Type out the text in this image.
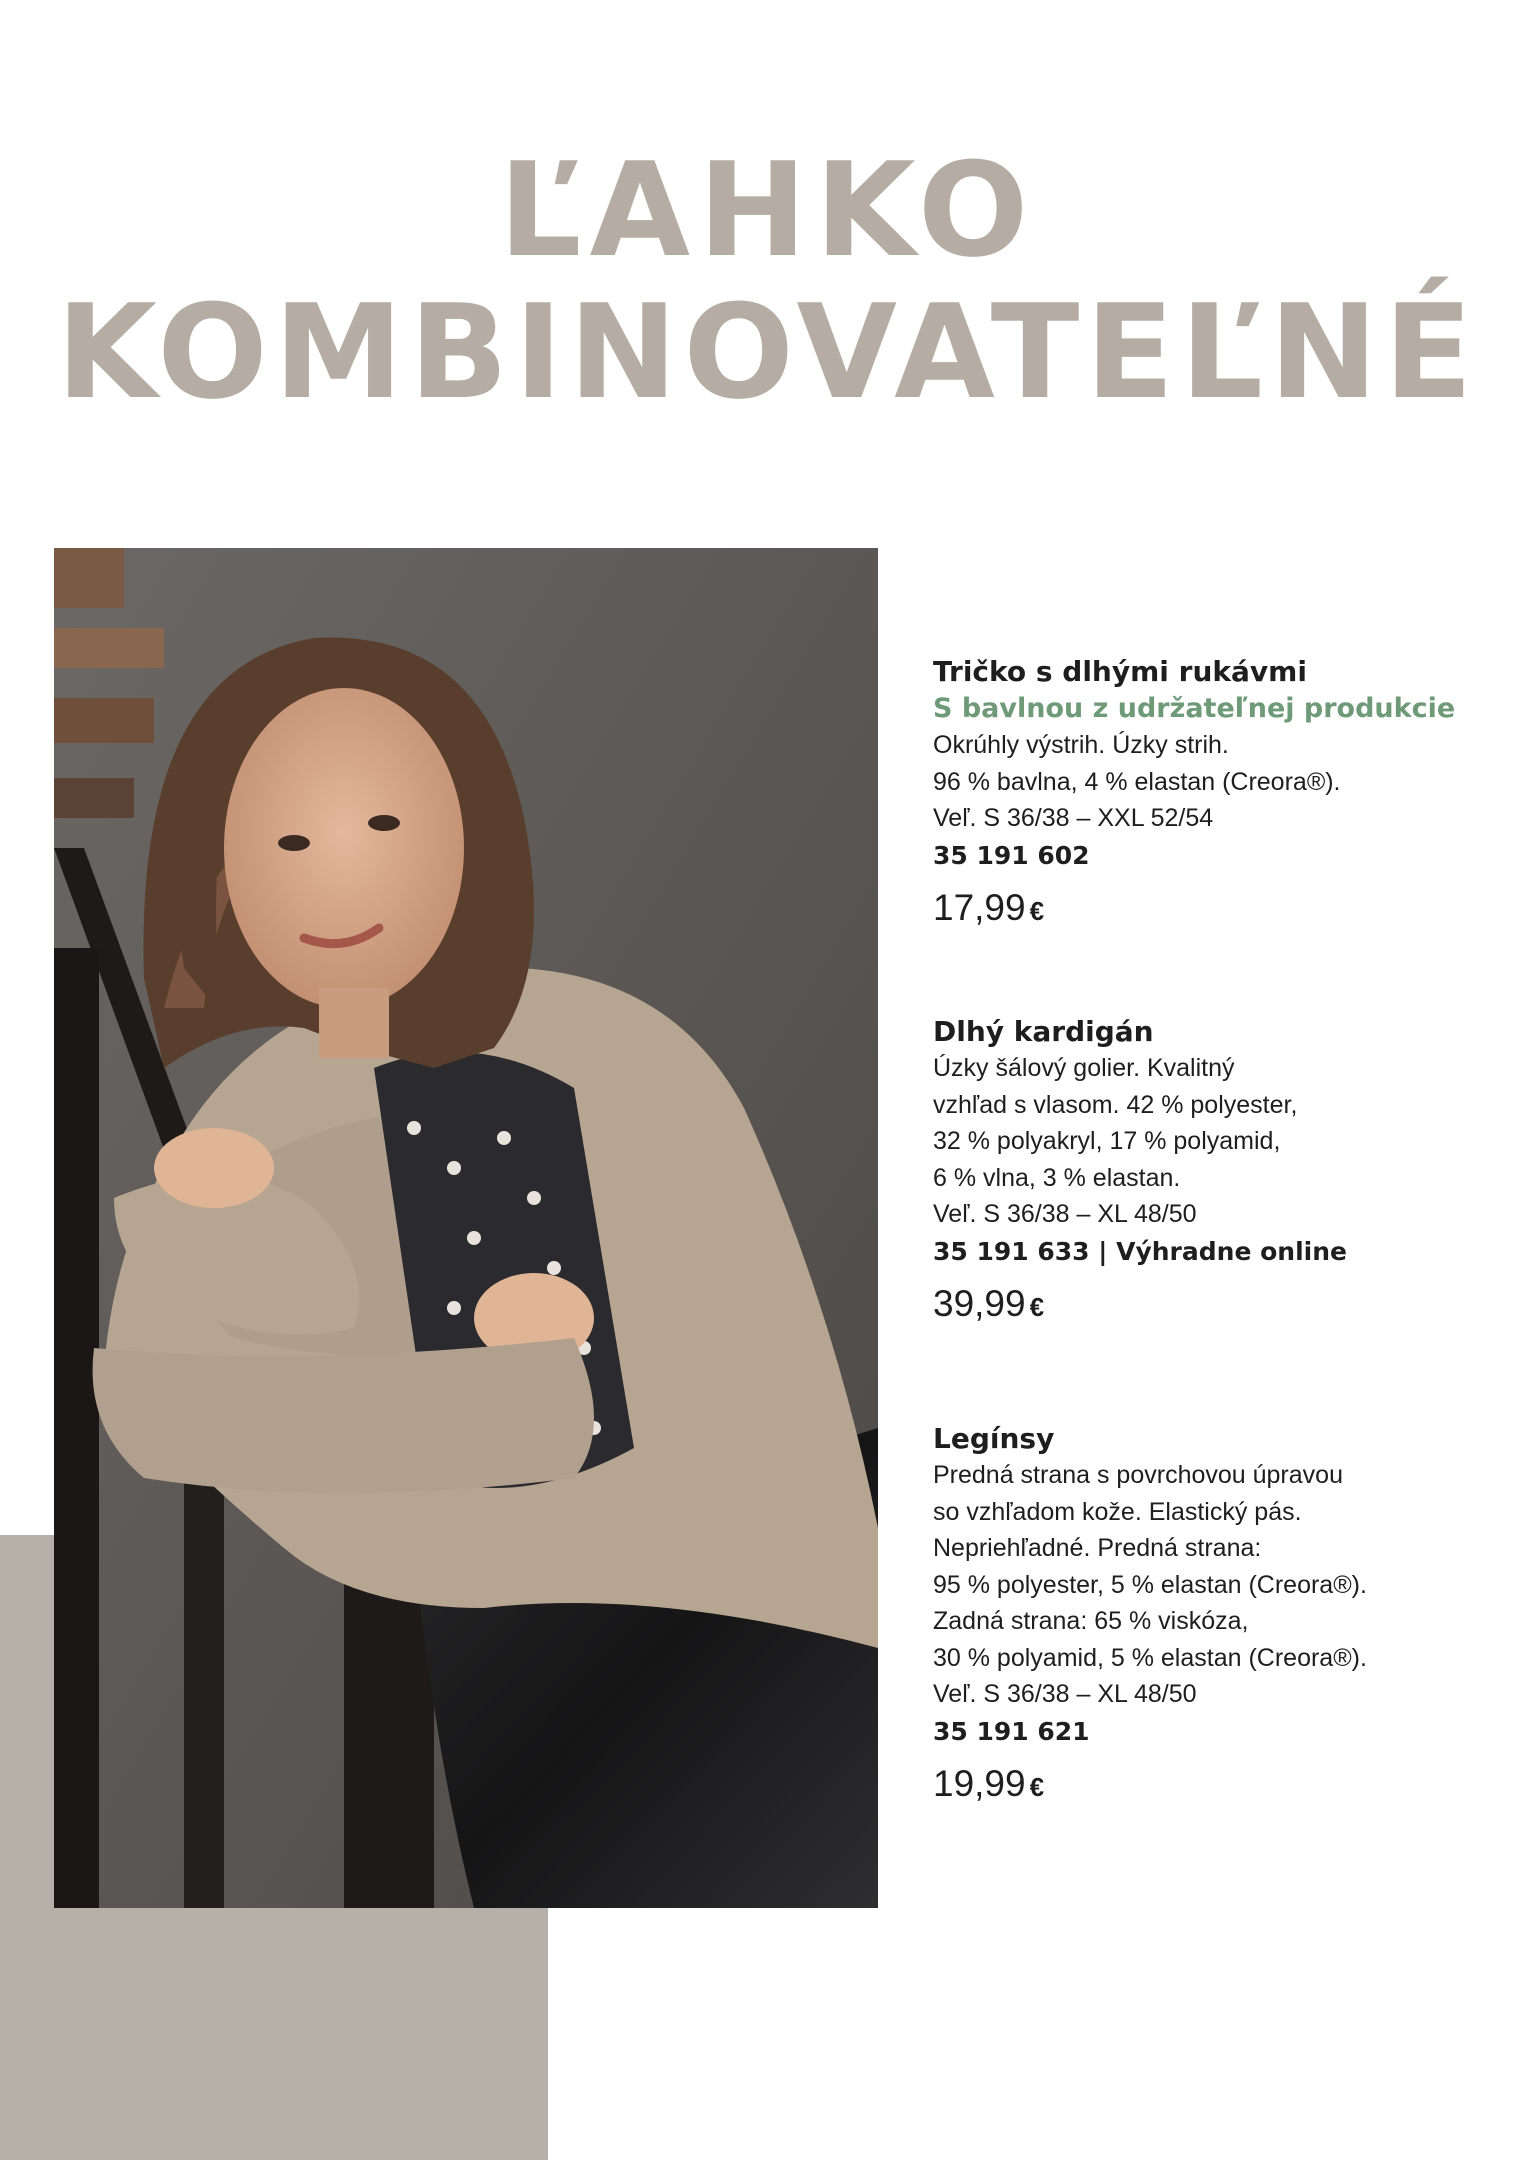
ĽAHKO
KOMBINOVATEĽNÉ
Tričko s dlhými rukávmi
S bavlnou z udržateľnej produkcie
Okrúhly výstrih. Úzky strih.
96 % bavlna, 4 % elastan (Creora®).
Veľ. S 36/38 – XXL 52/54
35 191 602
17,99 €
Dlhý kardigán
Úzky šálový golier. Kvalitný
vzhľad s vlasom. 42 % polyester,
32 % polyakryl, 17 % polyamid,
6 % vlna, 3 % elastan.
Veľ. S 36/38 – XL 48/50
35 191 633 | Výhradne online
39,99 €
Legínsy
Predná strana s povrchovou úpravou
so vzhľadom kože. Elastický pás.
Nepriehľadné. Predná strana:
95 % polyester, 5 % elastan (Creora®).
Zadná strana: 65 % viskóza,
30 % polyamid, 5 % elastan (Creora®).
Veľ. S 36/38 – XL 48/50
35 191 621
19,99 €
